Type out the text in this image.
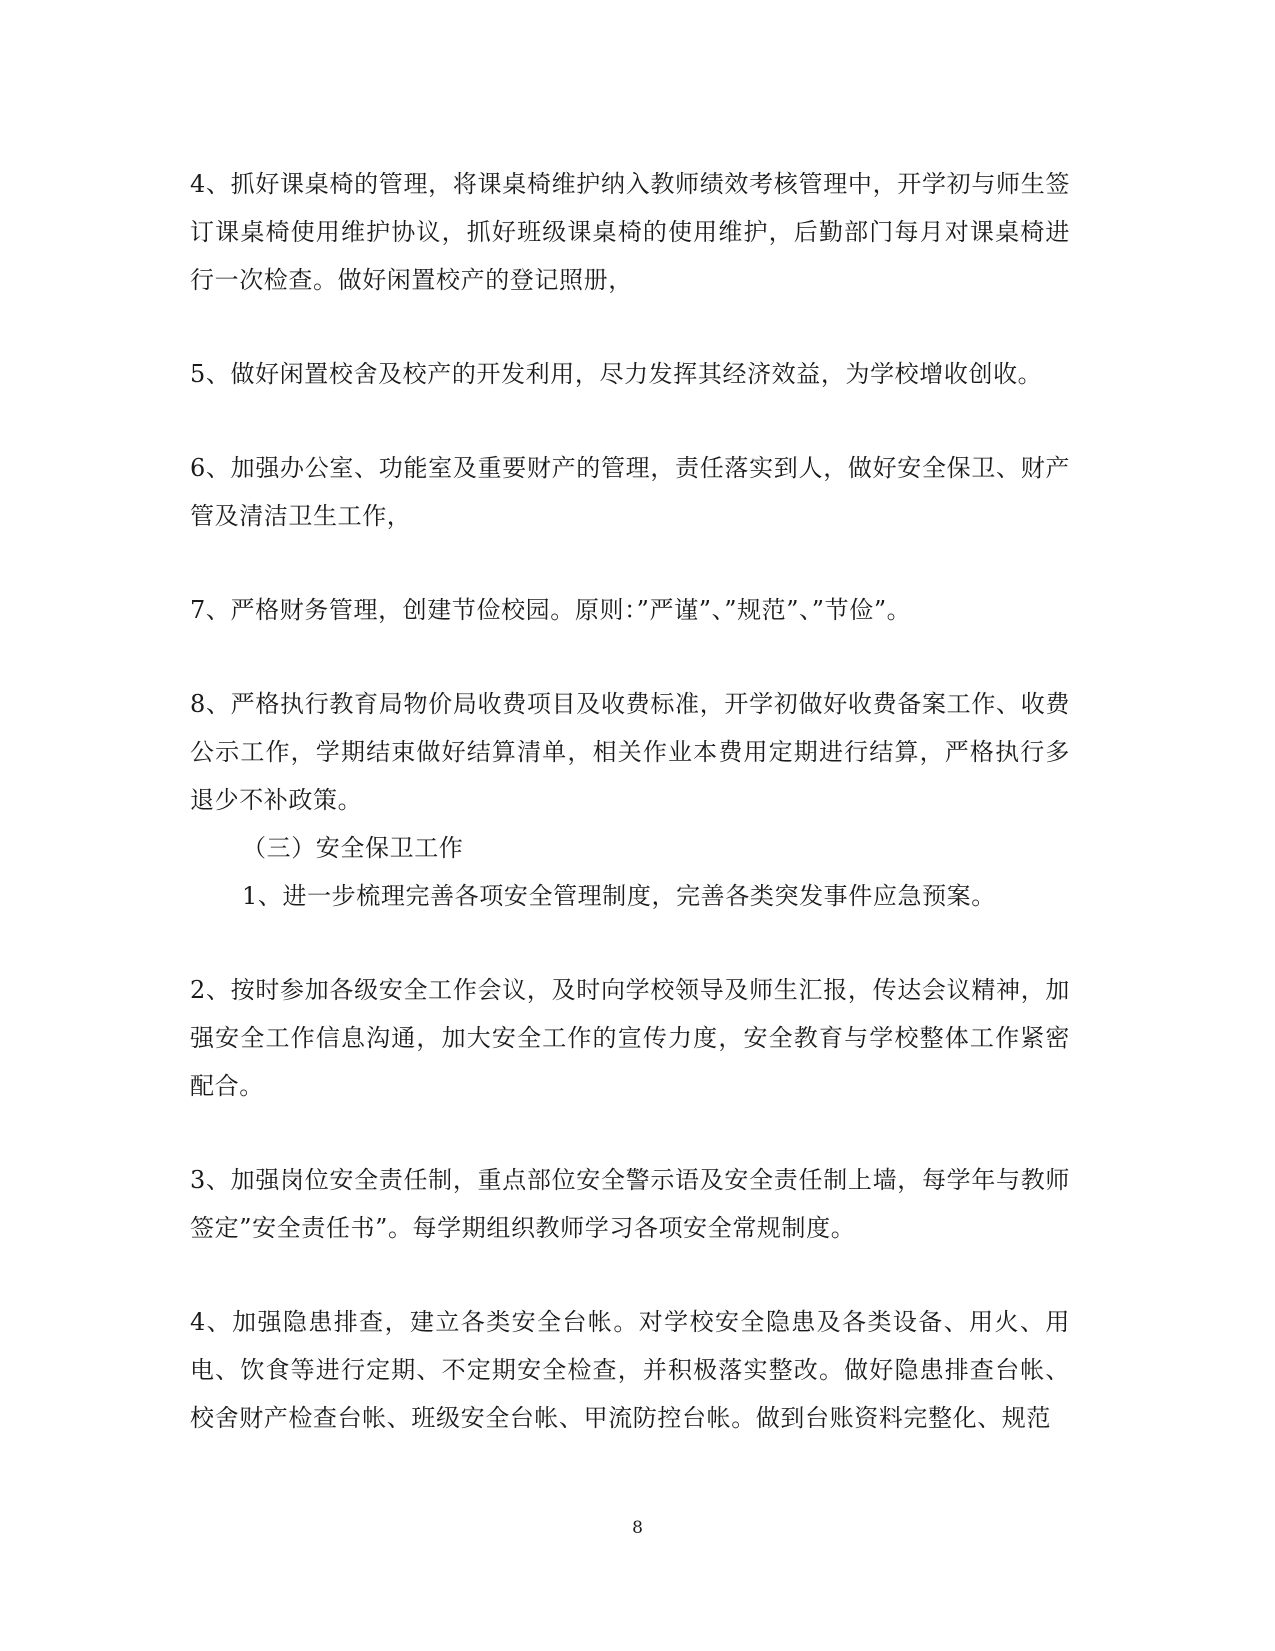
4、抓好课桌椅的管理，将课桌椅维护纳入教师绩效考核管理中，开学初与师生签订课桌椅使用维护协议，抓好班级课桌椅的使用维护，后勤部门每月对课桌椅进行一次检查。做好闲置校产的登记照册，

5、做好闲置校舍及校产的开发利用，尽力发挥其经济效益，为学校增收创收。

6、加强办公室、功能室及重要财产的管理，责任落实到人，做好安全保卫、财产管及清洁卫生工作，

7、严格财务管理，创建节俭校园。原则：”严谨”、”规范”、”节俭”。

8、严格执行教育局物价局收费项目及收费标准，开学初做好收费备案工作、收费公示工作，学期结束做好结算清单，相关作业本费用定期进行结算，严格执行多退少不补政策。

（三）安全保卫工作

1、进一步梳理完善各项安全管理制度，完善各类突发事件应急预案。

2、按时参加各级安全工作会议，及时向学校领导及师生汇报，传达会议精神，加强安全工作信息沟通，加大安全工作的宣传力度，安全教育与学校整体工作紧密配合。

3、加强岗位安全责任制，重点部位安全警示语及安全责任制上墙，每学年与教师签定”安全责任书”。每学期组织教师学习各项安全常规制度。

4、加强隐患排查，建立各类安全台帐。对学校安全隐患及各类设备、用火、用电、饮食等进行定期、不定期安全检查，并积极落实整改。做好隐患排查台帐、校舍财产检查台帐、班级安全台帐、甲流防控台帐。做到台账资料完整化、规范

8
